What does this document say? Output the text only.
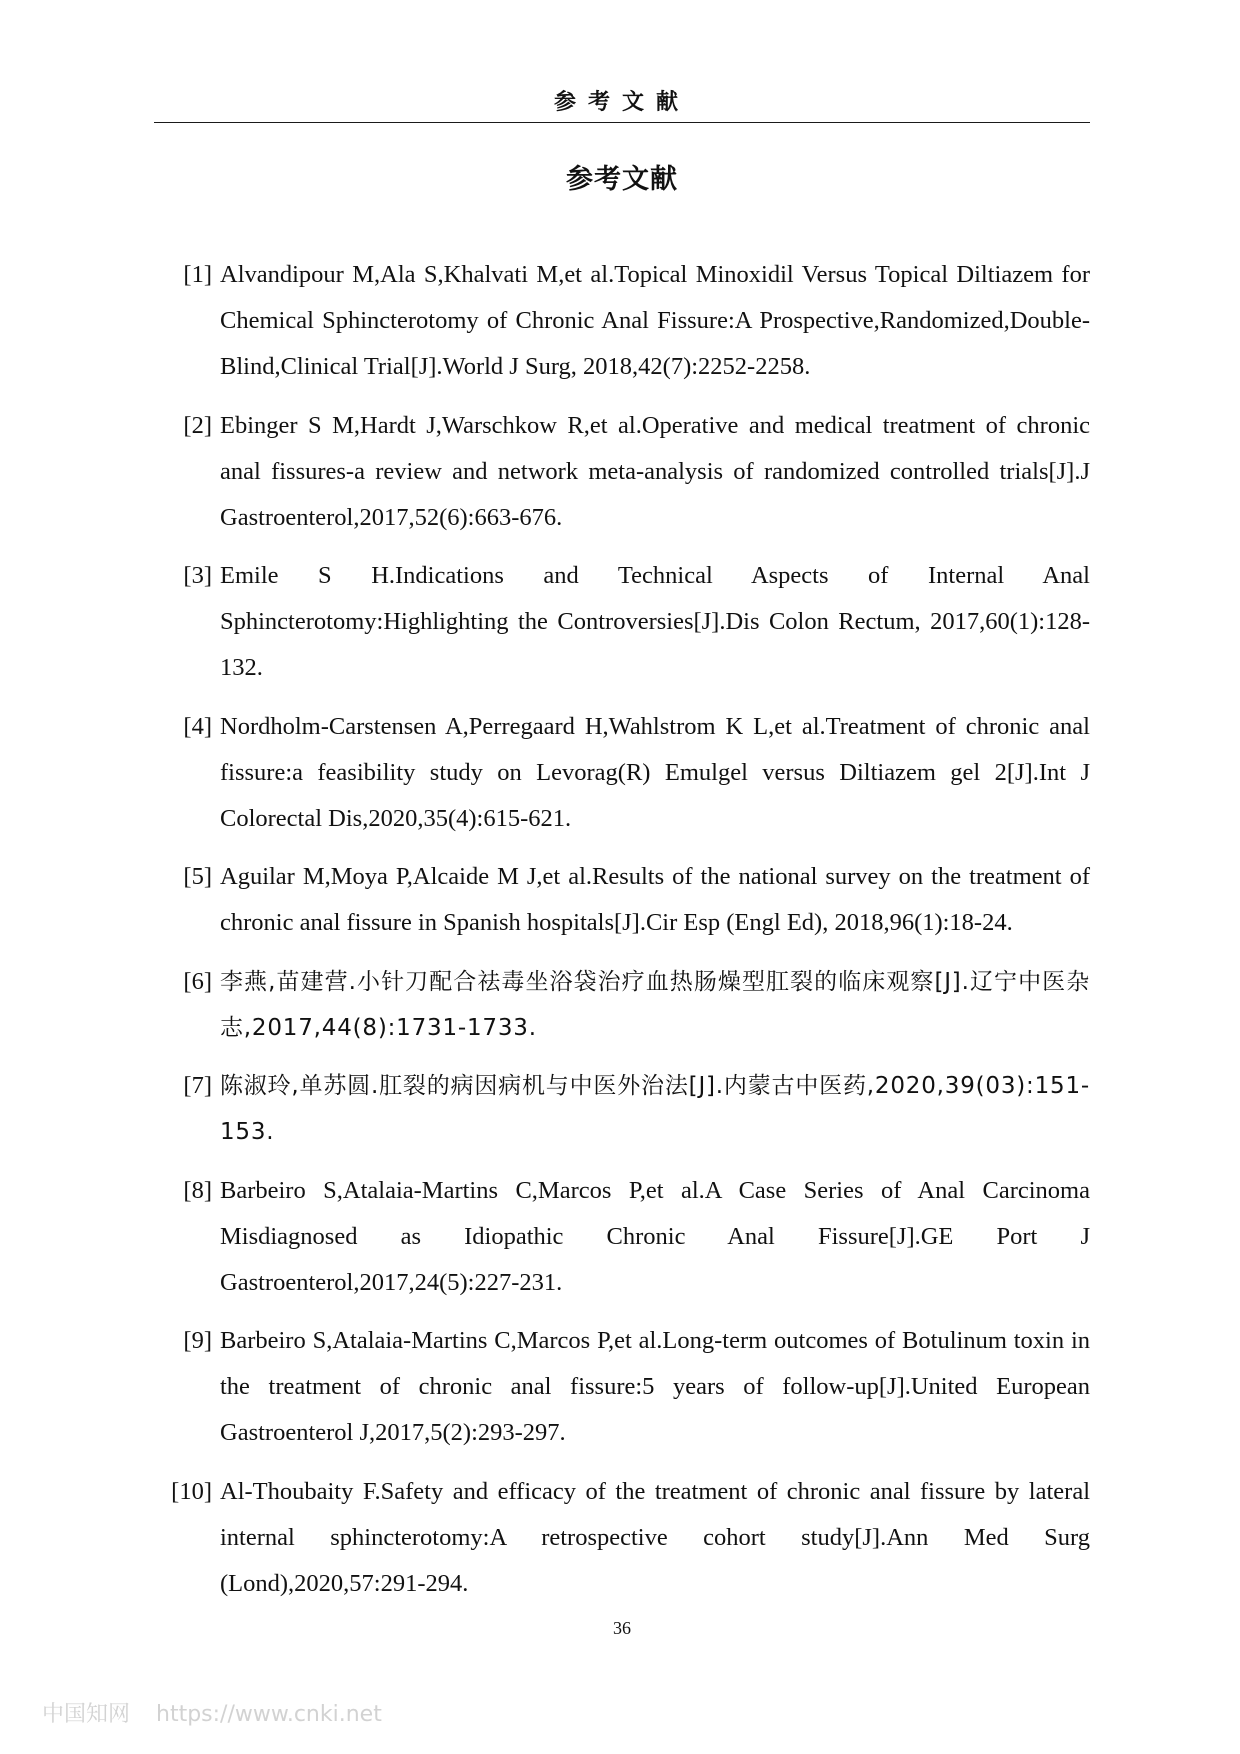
参考文献
参考文献
[1] Alvandipour M,Ala S,Khalvati M,et al.Topical Minoxidil Versus Topical Diltiazem for Chemical Sphincterotomy of Chronic Anal Fissure:A Prospective,Randomized,Double-Blind,Clinical Trial[J].World J Surg, 2018,42(7):2252-2258.
[2] Ebinger S M,Hardt J,Warschkow R,et al.Operative and medical treatment of chronic anal fissures-a review and network meta-analysis of randomized controlled trials[J].J Gastroenterol,2017,52(6):663-676.
[3] Emile S H.Indications and Technical Aspects of Internal Anal Sphincterotomy:Highlighting the Controversies[J].Dis Colon Rectum, 2017,60(1):128-132.
[4] Nordholm-Carstensen A,Perregaard H,Wahlstrom K L,et al.Treatment of chronic anal fissure:a feasibility study on Levorag(R) Emulgel versus Diltiazem gel 2[J].Int J Colorectal Dis,2020,35(4):615-621.
[5] Aguilar M,Moya P,Alcaide M J,et al.Results of the national survey on the treatment of chronic anal fissure in Spanish hospitals[J].Cir Esp (Engl Ed), 2018,96(1):18-24.
[6] 李燕,苗建营.小针刀配合祛毒坐浴袋治疗血热肠燥型肛裂的临床观察[J].辽宁中医杂志,2017,44(8):1731-1733.
[7] 陈淑玲,单苏圆.肛裂的病因病机与中医外治法[J].内蒙古中医药,2020,39(03):151-153.
[8] Barbeiro S,Atalaia-Martins C,Marcos P,et al.A Case Series of Anal Carcinoma Misdiagnosed as Idiopathic Chronic Anal Fissure[J].GE Port J Gastroenterol,2017,24(5):227-231.
[9] Barbeiro S,Atalaia-Martins C,Marcos P,et al.Long-term outcomes of Botulinum toxin in the treatment of chronic anal fissure:5 years of follow-up[J].United European Gastroenterol J,2017,5(2):293-297.
[10] Al-Thoubaity F.Safety and efficacy of the treatment of chronic anal fissure by lateral internal sphincterotomy:A retrospective cohort study[J].Ann Med Surg (Lond),2020,57:291-294.
36
中国知网 https://www.cnki.net
